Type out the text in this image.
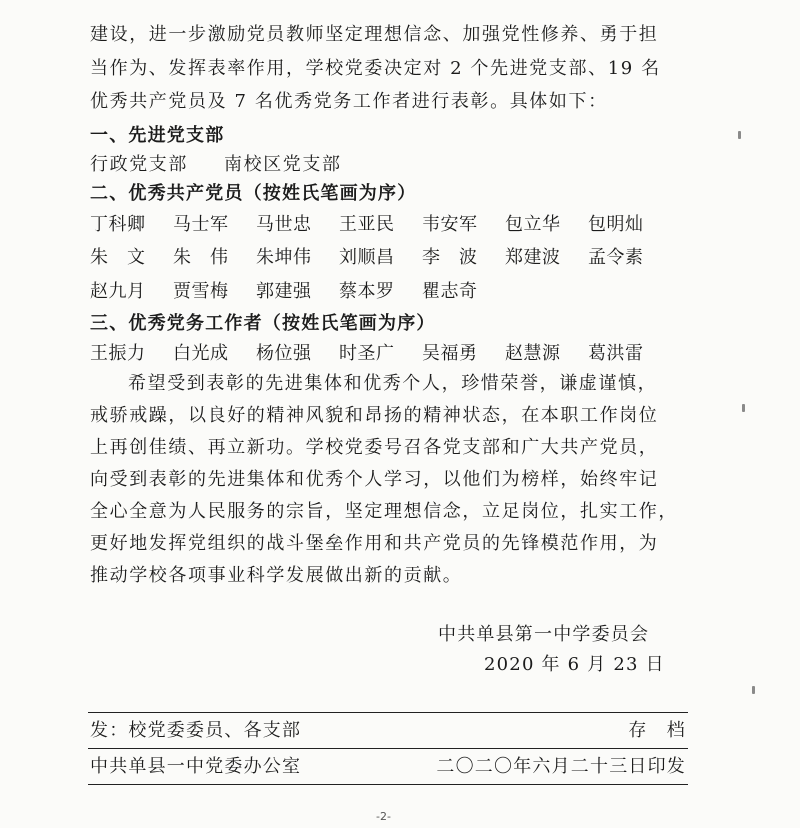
建设，进一步激励党员教师坚定理想信念、加强党性修养、勇于担
当作为、发挥表率作用，学校党委决定对 2 个先进党支部、19 名
优秀共产党员及 7 名优秀党务工作者进行表彰。具体如下：
一、先进党支部
行政党支部 南校区党支部
二、优秀共产党员（按姓氏笔画为序）
丁科卿	马士军	马世忠	王亚民	韦安军	包立华	包明灿
朱　文	朱　伟	朱坤伟	刘顺昌	李　波	郑建波	孟令素
赵九月	贾雪梅	郭建强	蔡本罗	瞿志奇
三、优秀党务工作者（按姓氏笔画为序）
王振力	白光成	杨位强	时圣广	吴福勇	赵慧源	葛洪雷
希望受到表彰的先进集体和优秀个人，珍惜荣誉，谦虚谨慎，
戒骄戒躁，以良好的精神风貌和昂扬的精神状态，在本职工作岗位
上再创佳绩、再立新功。学校党委号召各党支部和广大共产党员，
向受到表彰的先进集体和优秀个人学习，以他们为榜样，始终牢记
全心全意为人民服务的宗旨，坚定理想信念，立足岗位，扎实工作，
更好地发挥党组织的战斗堡垒作用和共产党员的先锋模范作用，为
推动学校各项事业科学发展做出新的贡献。
中共单县第一中学委员会
2020 年 6 月 23 日
发：校党委委员、各支部	存　档
中共单县一中党委办公室	二〇二〇年六月二十三日印发
-2-
